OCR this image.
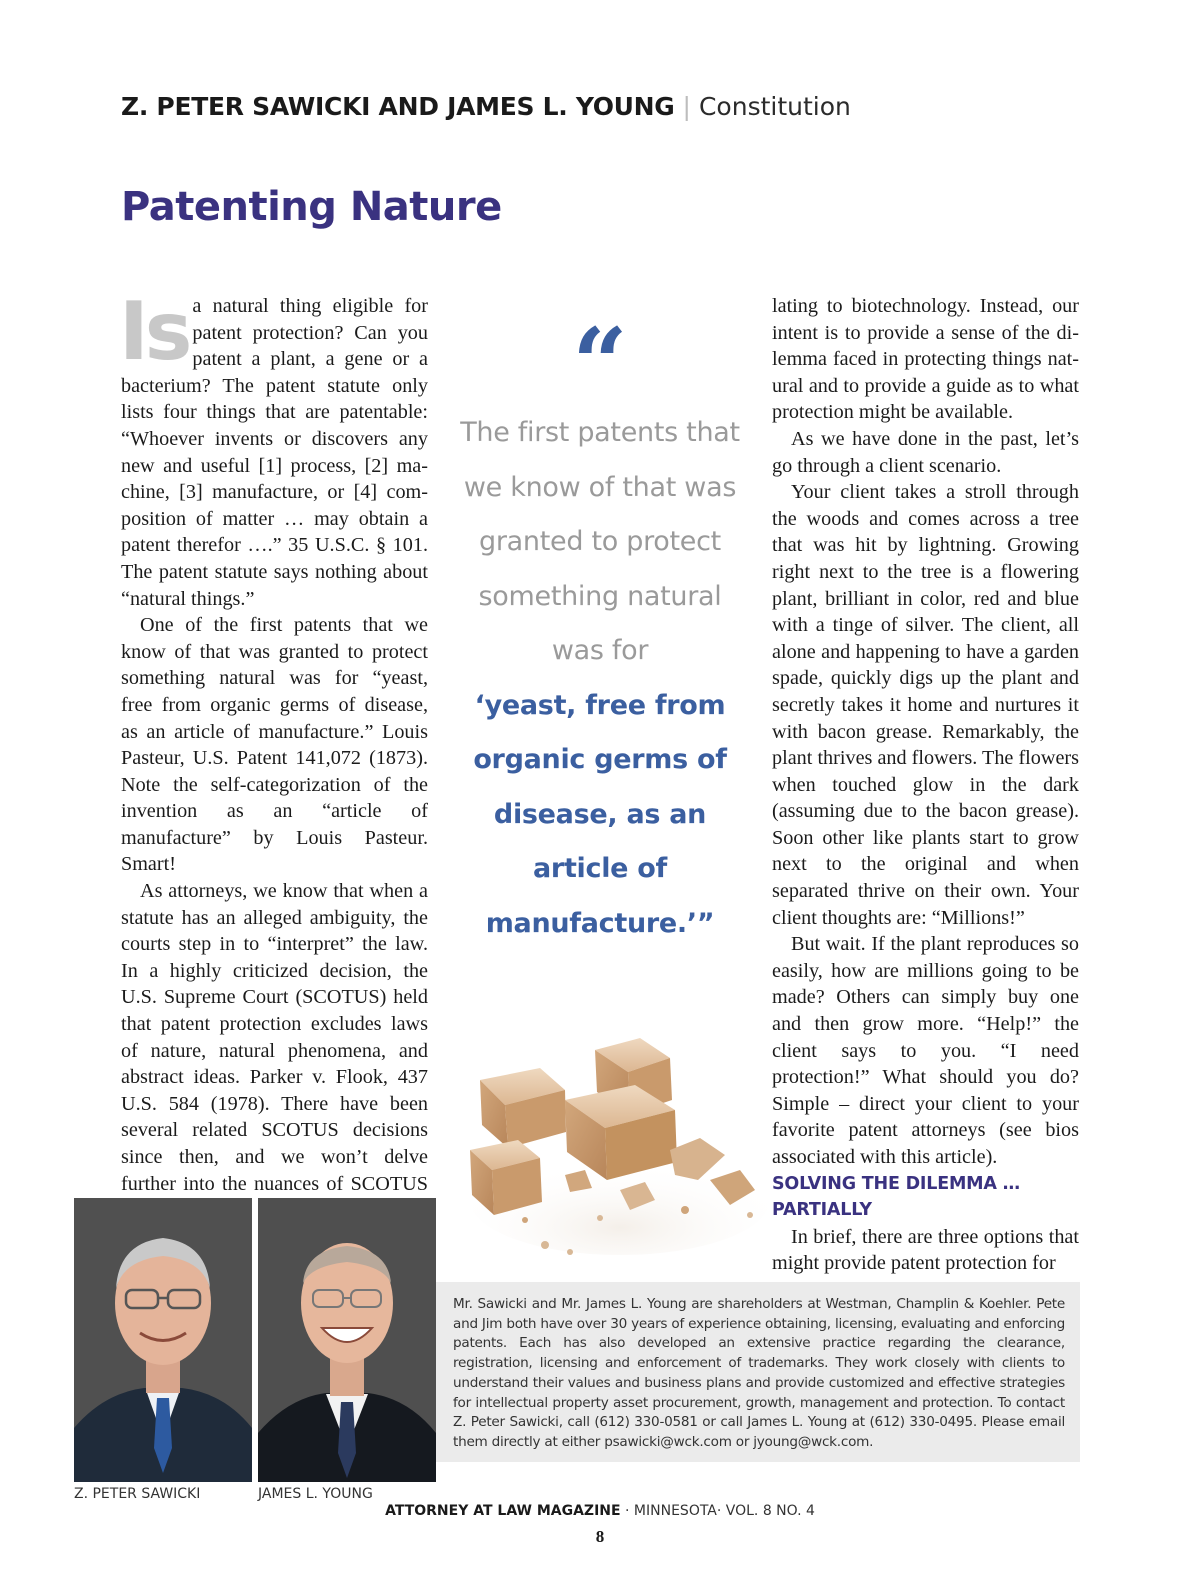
Z. PETER SAWICKI AND JAMES L. YOUNG | Constitution
Patenting Nature

Is a natural thing eligible for patent protection? Can you patent a plant, a gene or a bacterium? The patent statute only lists four things that are patentable: “Whoever invents or discovers any new and useful [1] process, [2] machine, [3] manufacture, or [4] composition of matter … may obtain a patent therefor ….” 35 U.S.C. § 101. The patent statute says nothing about “natural things.”

One of the first patents that we know of that was granted to protect something natural was for “yeast, free from organic germs of disease, as an article of manufacture.” Louis Pasteur, U.S. Patent 141,072 (1873). Note the self-categorization of the invention as an “article of manufacture” by Louis Pasteur. Smart!

As attorneys, we know that when a statute has an alleged ambiguity, the courts step in to “interpret” the law. In a highly criticized decision, the U.S. Supreme Court (SCOTUS) held that patent protection excludes laws of nature, natural phenomena, and abstract ideas. Parker v. Flook, 437 U.S. 584 (1978). There have been several related SCOTUS decisions since then, and we won’t delve further into the nuances of SCOTUS

“
The first patents that we know of that was granted to protect something natural was for
‘yeast, free from organic germs of disease, as an article of manufacture.’”

lating to biotechnology. Instead, our intent is to provide a sense of the dilemma faced in protecting things natural and to provide a guide as to what protection might be available.

As we have done in the past, let’s go through a client scenario.

Your client takes a stroll through the woods and comes across a tree that was hit by lightning. Growing right next to the tree is a flowering plant, brilliant in color, red and blue with a tinge of silver. The client, all alone and happening to have a garden spade, quickly digs up the plant and secretly takes it home and nurtures it with bacon grease. Remarkably, the plant thrives and flowers. The flowers when touched glow in the dark (assuming due to the bacon grease). Soon other like plants start to grow next to the original and when separated thrive on their own. Your client thoughts are: “Millions!”

But wait. If the plant reproduces so easily, how are millions going to be made? Others can simply buy one and then grow more. “Help!” the client says to you. “I need protection!” What should you do? Simple – direct your client to your favorite patent attorneys (see bios associated with this article).

SOLVING THE DILEMMA … PARTIALLY

In brief, there are three options that might provide patent protection for

Z. PETER SAWICKI	JAMES L. YOUNG

Mr. Sawicki and Mr. James L. Young are shareholders at Westman, Champlin & Koehler. Pete and Jim both have over 30 years of experience obtaining, licensing, evaluating and enforcing patents. Each has also developed an extensive practice regarding the clearance, registration, licensing and enforcement of trademarks. They work closely with clients to understand their values and business plans and provide customized and effective strategies for intellectual property asset procurement, growth, management and protection. To contact Z. Peter Sawicki, call (612) 330-0581 or call James L. Young at (612) 330-0495. Please email them directly at either psawicki@wck.com or jyoung@wck.com.

ATTORNEY AT LAW MAGAZINE · MINNESOTA· VOL. 8 NO. 4
8
